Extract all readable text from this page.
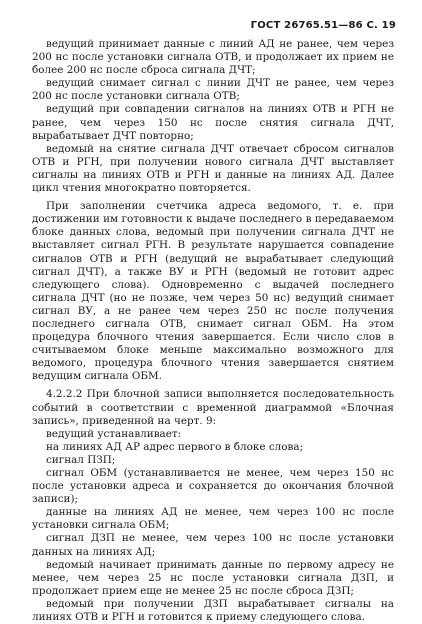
ГОСТ 26765.51—86 С. 19

ведущий принимает данные с линий АД не ранее, чем через 200 нс после установки сигнала ОТВ, и продолжает их прием не более 200 нс после сброса сигнала ДЧТ;

ведущий снимает сигнал с линии ДЧТ не ранее, чем через 200 нс после установки сигнала ОТВ;

ведущий при совпадении сигналов на линиях ОТВ и РГН не ранее, чем через 150 нс после снятия сигнала ДЧТ, вырабатывает ДЧТ повторно;

ведомый на снятие сигнала ДЧТ отвечает сбросом сигналов ОТВ и РГН, при получении нового сигнала ДЧТ выставляет сигналы на линиях ОТВ и РГН и данные на линиях АД. Далее цикл чтения многократно повторяется.

При заполнении счетчика адреса ведомого, т. е. при достижении им готовности к выдаче последнего в передаваемом блоке данных слова, ведомый при получении сигнала ДЧТ не выставляет сигнал РГН. В результате нарушается совпадение сигналов ОТВ и РГН (ведущий не вырабатывает следующий сигнал ДЧТ), а также ВУ и РГН (ведомый не готовит адрес следующего слова). Одновременно с выдачей последнего сигнала ДЧТ (но не позже, чем через 50 нс) ведущий снимает сигнал ВУ, а не ранее чем через 250 нс после получения последнего сигнала ОТВ, снимает сигнал ОБМ. На этом процедура блочного чтения завершается. Если число слов в считываемом блоке меньше максимально возможного для ведомого, процедура блочного чтения завершается снятием ведущим сигнала ОБМ.

4.2.2.2 При блочной записи выполняется последовательность событий в соответствии с временной диаграммой «Блочная запись», приведенной на черт. 9:

ведущий устанавливает:

на линиях АД АР адрес первого в блоке слова;

сигнал ПЗП;

сигнал ОБМ (устанавливается не менее, чем через 150 нс после установки адреса и сохраняется до окончания блочной записи);

данные на линиях АД не менее, чем через 100 нс после установки сигнала ОБМ;

сигнал ДЗП не менее, чем через 100 нс после установки данных на линиях АД;

ведомый начинает принимать данные по первому адресу не менее, чем через 25 нс после установки сигнала ДЗП, и продолжает прием еще не менее 25 нс после сброса ДЗП;

ведомый при получении ДЗП вырабатывает сигналы на линиях ОТВ и РГН и готовится к приему следующего слова.
